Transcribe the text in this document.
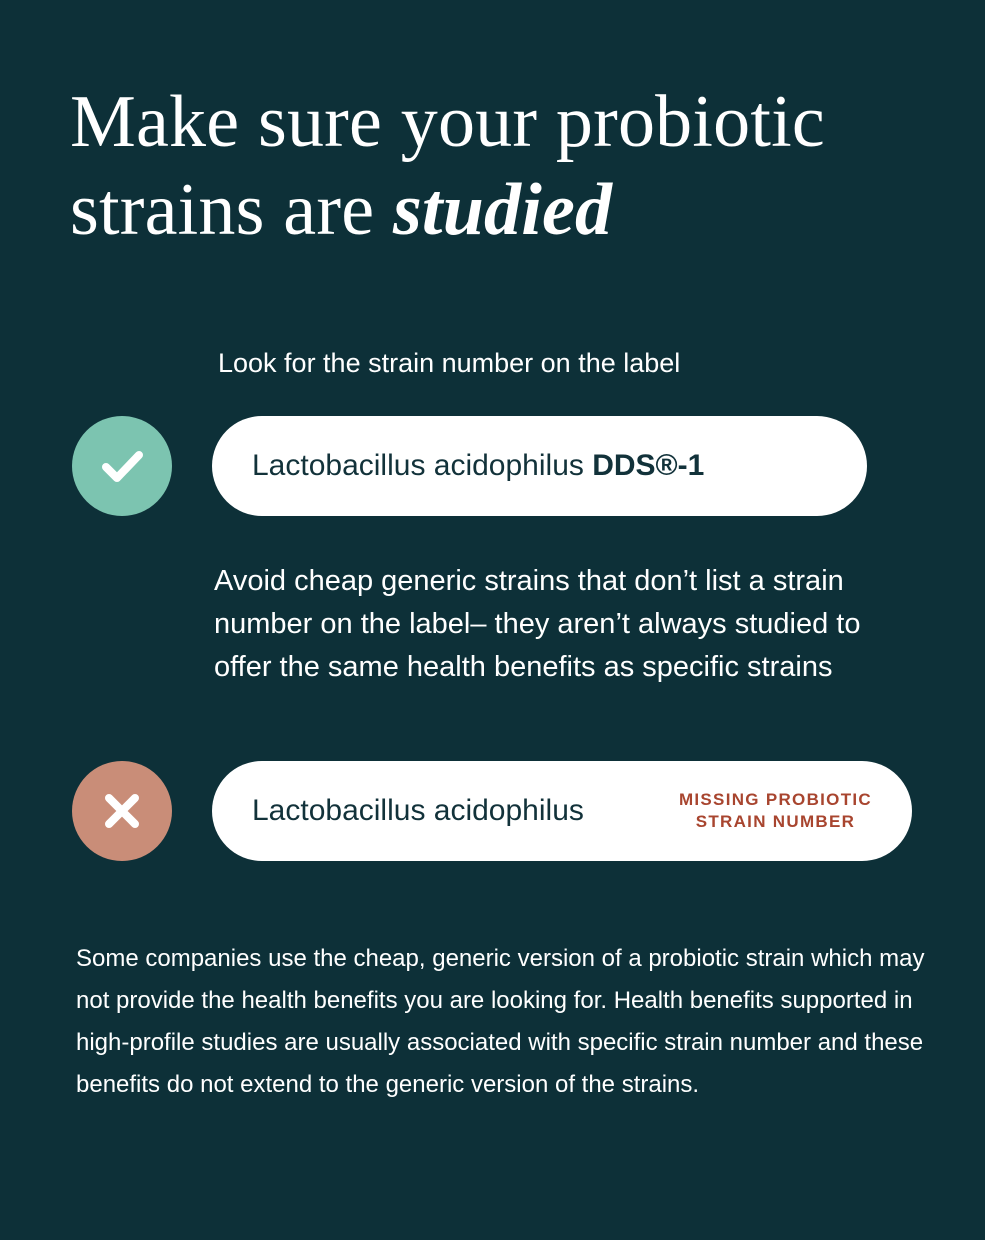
Make sure your probiotic
strains are studied
Look for the strain number on the label
Lactobacillus acidophilus DDS®-1
Avoid cheap generic strains that don’t list a strain number on the label– they aren’t always studied to offer the same health benefits as specific strains
Lactobacillus acidophilus	MISSING PROBIOTIC
STRAIN NUMBER
Some companies use the cheap, generic version of a probiotic strain which may not provide the health benefits you are looking for. Health benefits supported in high-profile studies are usually associated with specific strain number and these benefits do not extend to the generic version of the strains.
